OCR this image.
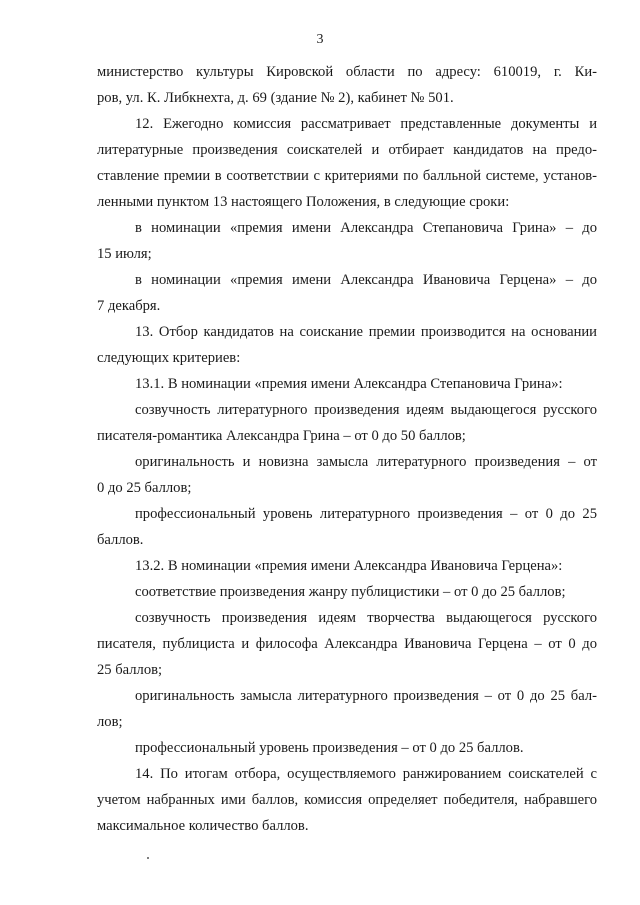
3
министерство культуры Кировской области по адресу: 610019, г. Ки-
ров, ул. К. Либкнехта, д. 69 (здание № 2), кабинет № 501.
12. Ежегодно комиссия рассматривает представленные документы и
литературные произведения соискателей и отбирает кандидатов на предо-
ставление премии в соответствии с критериями по балльной системе, установ-
ленными пунктом 13 настоящего Положения, в следующие сроки:
в номинации «премия имени Александра Степановича Грина» – до
15 июля;
в номинации «премия имени Александра Ивановича Герцена» – до
7 декабря.
13. Отбор кандидатов на соискание премии производится на основании
следующих критериев:
13.1. В номинации «премия имени Александра Степановича Грина»:
созвучность литературного произведения идеям выдающегося русского
писателя-романтика Александра Грина – от 0 до 50 баллов;
оригинальность и новизна замысла литературного произведения – от
0 до 25 баллов;
профессиональный уровень литературного произведения – от 0 до 25
баллов.
13.2. В номинации «премия имени Александра Ивановича Герцена»:
соответствие произведения жанру публицистики – от 0 до 25 баллов;
созвучность произведения идеям творчества выдающегося русского
писателя, публициста и философа Александра Ивановича Герцена – от 0 до
25 баллов;
оригинальность замысла литературного произведения – от 0 до 25 бал-
лов;
профессиональный уровень произведения – от 0 до 25 баллов.
14. По итогам отбора, осуществляемого ранжированием соискателей с
учетом набранных ими баллов, комиссия определяет победителя, набравшего
максимальное количество баллов.
